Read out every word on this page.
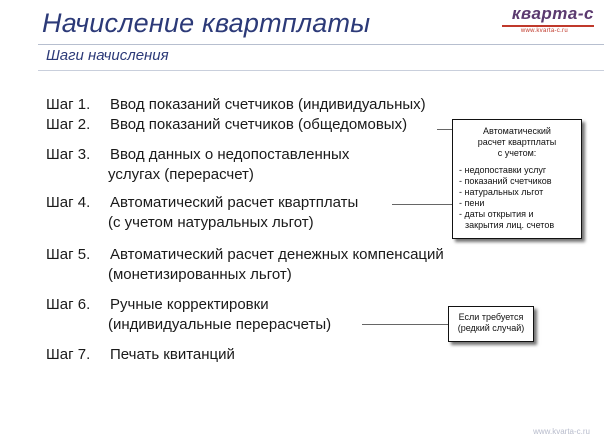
Начисление квартплаты
Шаги начисления
кварта-с
www.kvarta-c.ru
Шаг 1. Ввод показаний счетчиков (индивидуальных)
Шаг 2. Ввод показаний счетчиков (общедомовых)
Шаг 3. Ввод данных о недопоставленных
услугах (перерасчет)
Шаг 4. Автоматический расчет квартплаты
(с учетом натуральных льгот)
Шаг 5. Автоматический расчет денежных компенсаций
(монетизированных льгот)
Шаг 6. Ручные корректировки
(индивидуальные перерасчеты)
Шаг 7. Печать квитанций
Автоматический
расчет квартплаты
с учетом:
- недопоставки услуг
- показаний счетчиков
- натуральных льгот
- пени
- даты открытия и
закрытия лиц. счетов
Если требуется
(редкий случай)
www.kvarta-c.ru
